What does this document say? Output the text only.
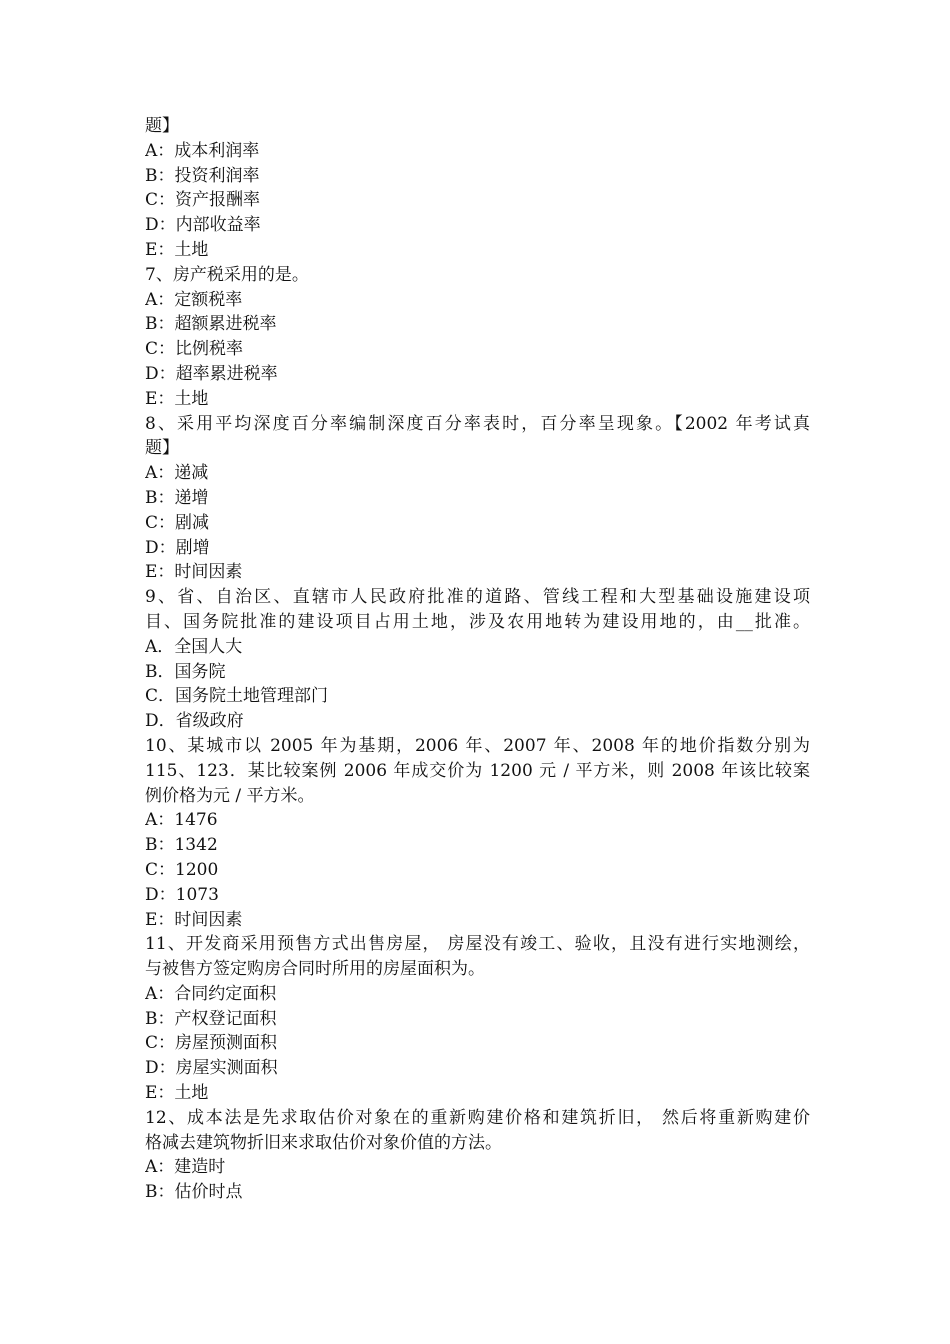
题】
A：成本利润率
B：投资利润率
C：资产报酬率
D：内部收益率
E：土地
7、房产税采用的是。
A：定额税率
B：超额累进税率
C：比例税率
D：超率累进税率
E：土地
8、采用平均深度百分率编制深度百分率表时，百分率呈现象。【2002 年考试真
题】
A：递减
B：递增
C：剧减
D：剧增
E：时间因素
9、省、自治区、直辖市人民政府批准的道路、管线工程和大型基础设施建设项
目、国务院批准的建设项目占用土地，涉及农用地转为建设用地的，由__批准。
A．全国人大
B．国务院
C．国务院土地管理部门
D．省级政府
10、某城市以 2005 年为基期，2006 年、2007 年、2008 年的地价指数分别为
115、123．某比较案例 2006 年成交价为 1200 元 / 平方米，则 2008 年该比较案
例价格为元 / 平方米。
A：1476
B：1342
C：1200
D：1073
E：时间因素
11、开发商采用预售方式出售房屋， 房屋没有竣工、验收，且没有进行实地测绘，
与被售方签定购房合同时所用的房屋面积为。
A：合同约定面积
B：产权登记面积
C：房屋预测面积
D：房屋实测面积
E：土地
12、成本法是先求取估价对象在的重新购建价格和建筑折旧， 然后将重新购建价
格减去建筑物折旧来求取估价对象价值的方法。
A：建造时
B：估价时点
